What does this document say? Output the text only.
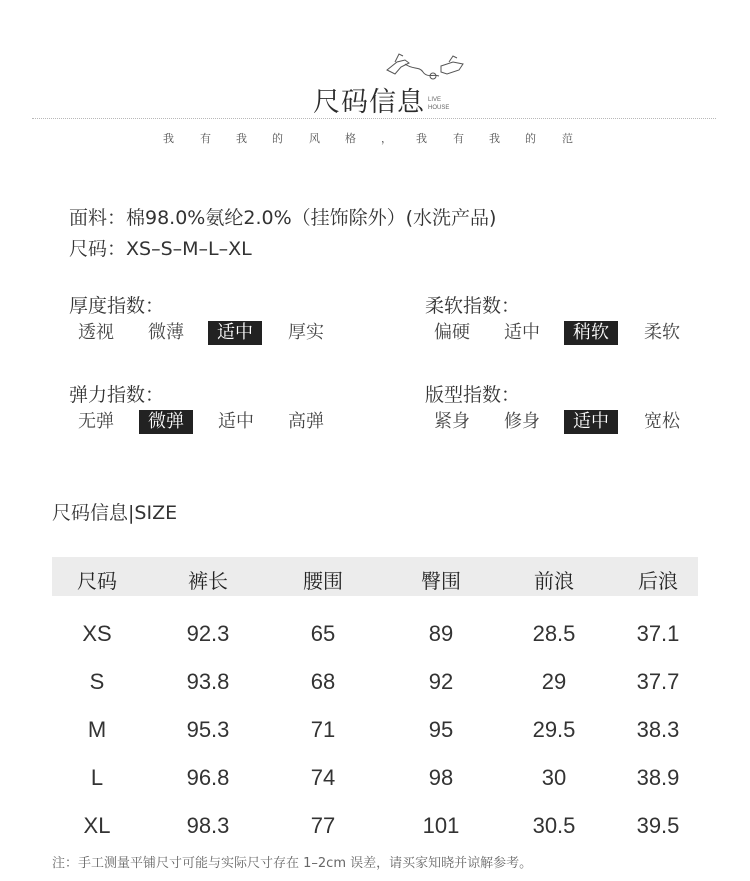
尺码信息 LIVE
HOUSE
我 有 我 的 风 格 ， 我 有 我 的 范
面料：棉98.0%氨纶2.0%（挂饰除外）(水洗产品)
尺码：XS–S–M–L–XL
厚度指数：
透视 微薄	适中	厚实
柔软指数：
偏硬 适中	稍软	柔软
弹力指数：
无弹	微弹	适中 高弹
版型指数：
紧身 修身	适中	宽松
尺码信息|SIZE
尺码	裤长	腰围	臀围	前浪	后浪
XS	92.3	65	89	28.5	37.1
S	93.8	68	92	29	37.7
M	95.3	71	95	29.5	38.3
L	96.8	74	98	30	38.9
XL	98.3	77	101	30.5	39.5
注：手工测量平铺尺寸可能与实际尺寸存在 1–2cm 误差，请买家知晓并谅解参考。
